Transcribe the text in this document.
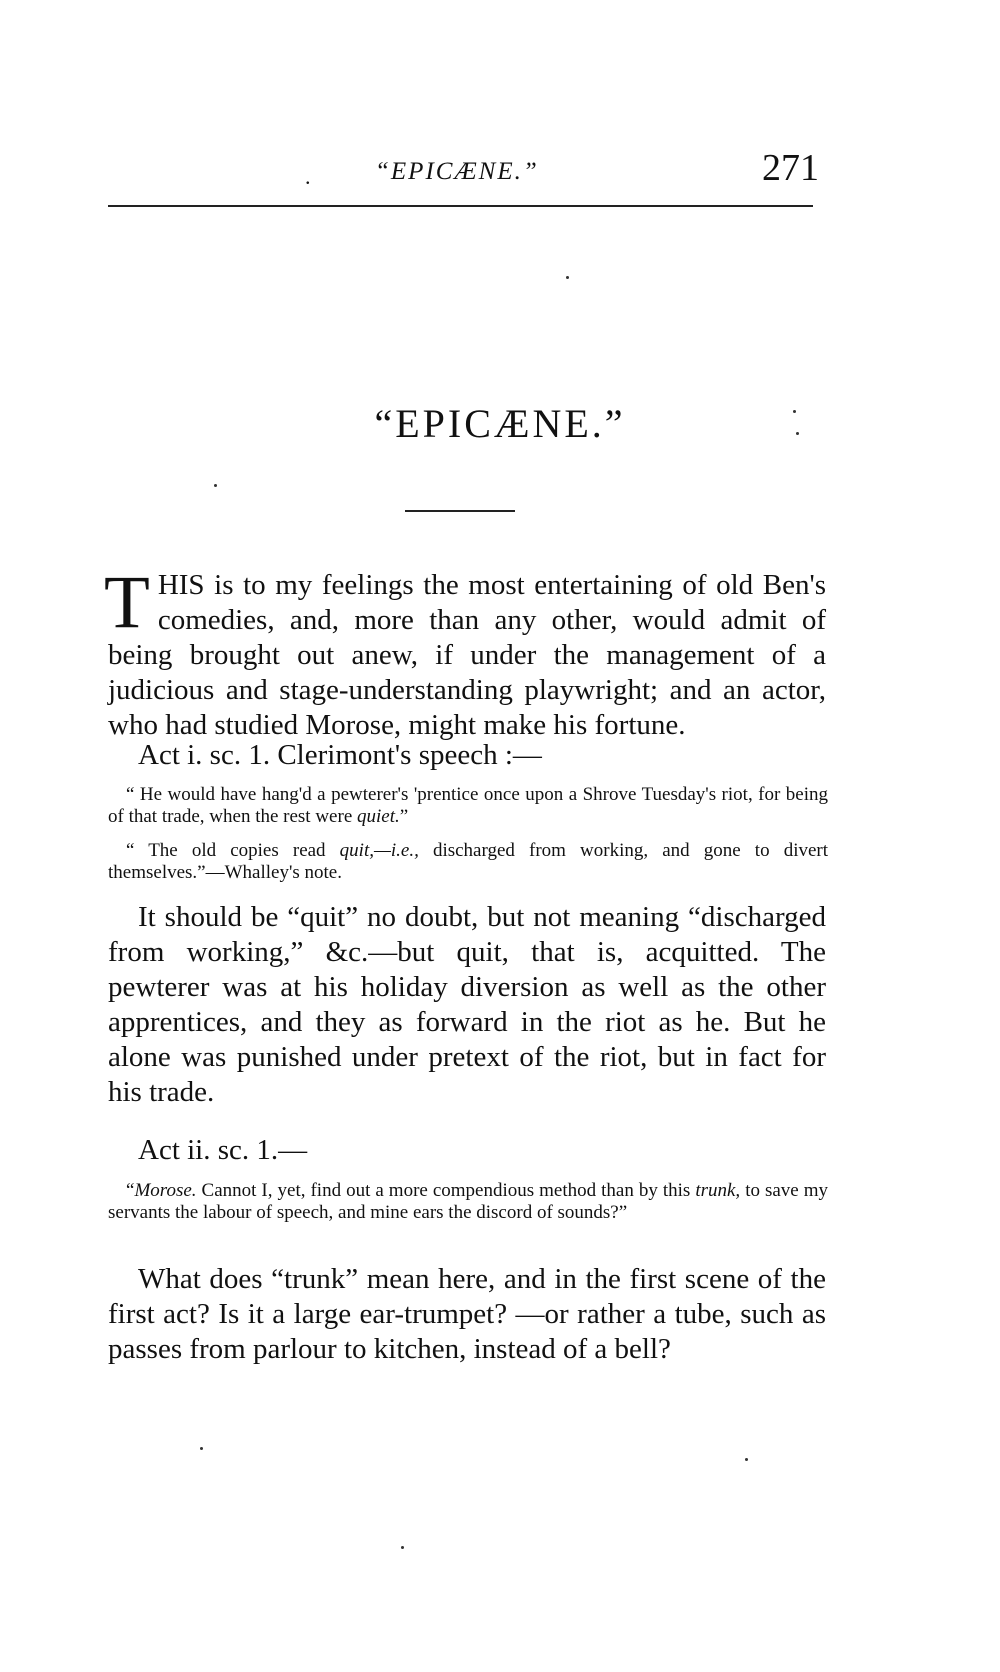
.	“EPICÆNE.”	271
“EPICÆNE.”
THIS is to my feelings the most entertaining of old Ben's comedies, and, more than any other, would admit of being brought out anew, if under the management of a judicious and stage-understanding playwright; and an actor, who had studied Morose, might make his fortune.
Act i. sc. 1. Clerimont's speech :—
“ He would have hang'd a pewterer's 'prentice once upon a Shrove Tuesday's riot, for being of that trade, when the rest were quiet.”
“ The old copies read quit,—i.e., discharged from working, and gone to divert themselves.”—Whalley's note.
It should be “quit” no doubt, but not meaning “discharged from working,” &c.—but quit, that is, acquitted. The pewterer was at his holiday diversion as well as the other apprentices, and they as forward in the riot as he. But he alone was punished under pretext of the riot, but in fact for his trade.
Act ii. sc. 1.—
“Morose. Cannot I, yet, find out a more compendious method than by this trunk, to save my servants the labour of speech, and mine ears the discord of sounds?”
What does “trunk” mean here, and in the first scene of the first act? Is it a large ear-trumpet? —or rather a tube, such as passes from parlour to kitchen, instead of a bell?
